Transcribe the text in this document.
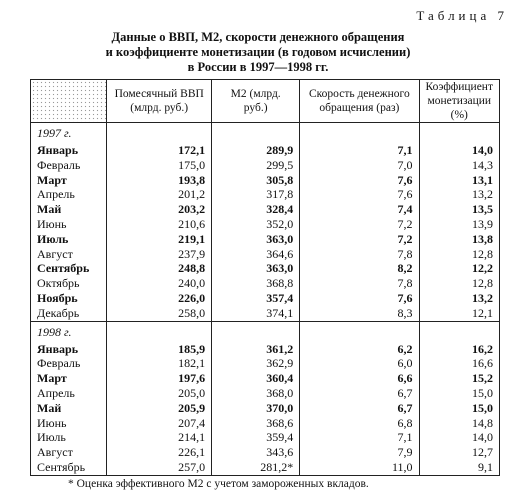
Таблица 7
Данные о ВВП, М2, скорости денежного обращения
и коэффициенте монетизации (в годовом исчислении)
в России в 1997—1998 гг.
	Помесячный ВВП (млрд. руб.)	М2 (млрд. руб.)	Скорость денежного обращения (раз)	Коэффициент монетизации (%)
1997 г.				
Январь	172,1	289,9	7,1	14,0
Февраль	175,0	299,5	7,0	14,3
Март	193,8	305,8	7,6	13,1
Апрель	201,2	317,8	7,6	13,2
Май	203,2	328,4	7,4	13,5
Июнь	210,6	352,0	7,2	13,9
Июль	219,1	363,0	7,2	13,8
Август	237,9	364,6	7,8	12,8
Сентябрь	248,8	363,0	8,2	12,2
Октябрь	240,0	368,8	7,8	12,8
Ноябрь	226,0	357,4	7,6	13,2
Декабрь	258,0	374,1	8,3	12,1
1998 г.				
Январь	185,9	361,2	6,2	16,2
Февраль	182,1	362,9	6,0	16,6
Март	197,6	360,4	6,6	15,2
Апрель	205,0	368,0	6,7	15,0
Май	205,9	370,0	6,7	15,0
Июнь	207,4	368,6	6,8	14,8
Июль	214,1	359,4	7,1	14,0
Август	226,1	343,6	7,9	12,7
Сентябрь	257,0	281,2*	11,0	9,1
* Оценка эффективного М2 с учетом замороженных вкладов.
